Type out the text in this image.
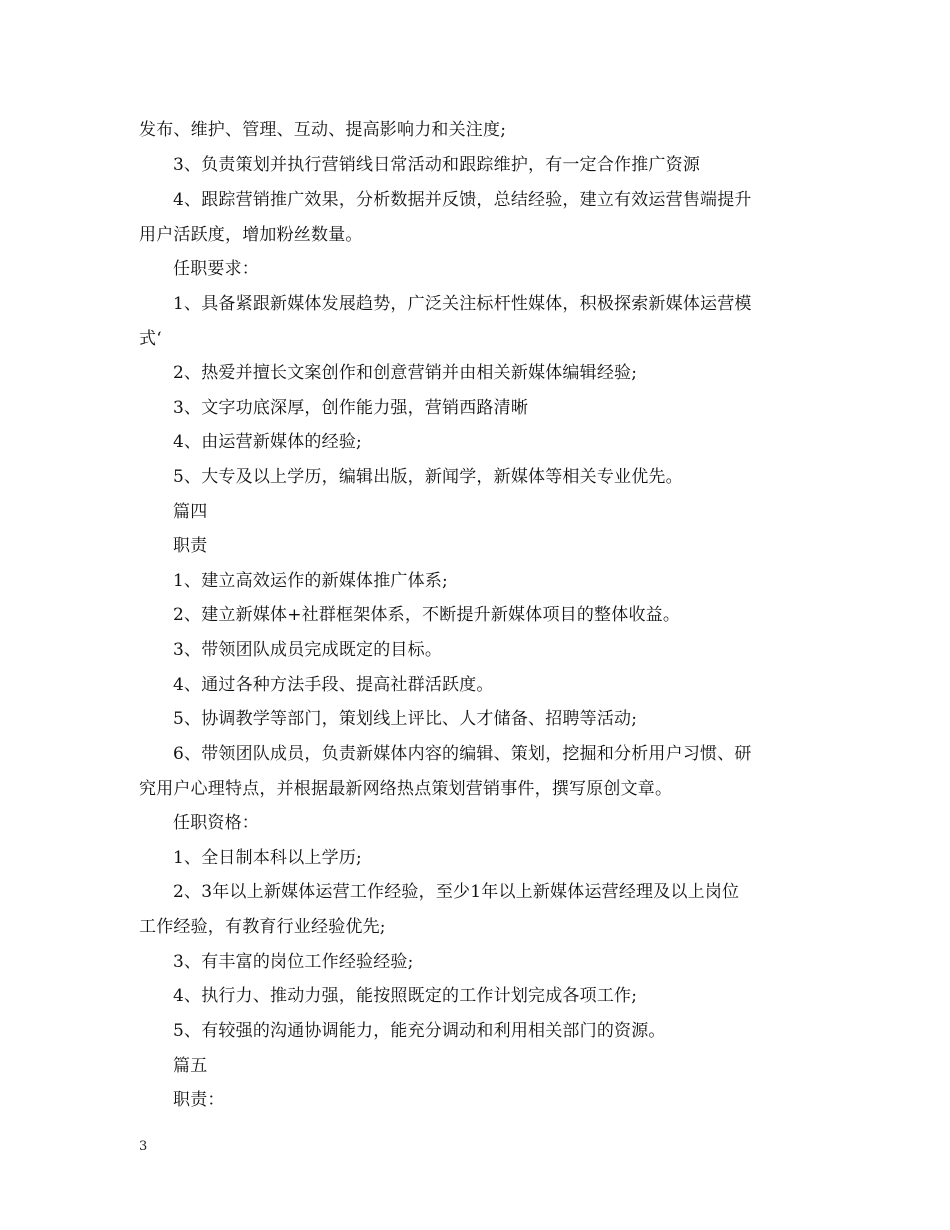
发布、维护、管理、互动、提高影响力和关注度;
3、负责策划并执行营销线日常活动和跟踪维护，有一定合作推广资源
4、跟踪营销推广效果，分析数据并反馈，总结经验，建立有效运营售端提升
用户活跃度，增加粉丝数量。
任职要求：
1、具备紧跟新媒体发展趋势，广泛关注标杆性媒体，积极探索新媒体运营模
式‘
2、热爱并擅长文案创作和创意营销并由相关新媒体编辑经验;
3、文字功底深厚，创作能力强，营销西路清晰
4、由运营新媒体的经验;
5、大专及以上学历，编辑出版，新闻学，新媒体等相关专业优先。
篇四
职责
1、建立高效运作的新媒体推广体系;
2、建立新媒体+社群框架体系，不断提升新媒体项目的整体收益。
3、带领团队成员完成既定的目标。
4、通过各种方法手段、提高社群活跃度。
5、协调教学等部门，策划线上评比、人才储备、招聘等活动;
6、带领团队成员，负责新媒体内容的编辑、策划，挖掘和分析用户习惯、研
究用户心理特点，并根据最新网络热点策划营销事件，撰写原创文章。
任职资格：
1、全日制本科以上学历;
2、3年以上新媒体运营工作经验，至少1年以上新媒体运营经理及以上岗位
工作经验，有教育行业经验优先;
3、有丰富的岗位工作经验经验;
4、执行力、推动力强，能按照既定的工作计划完成各项工作;
5、有较强的沟通协调能力，能充分调动和利用相关部门的资源。
篇五
职责：
3
